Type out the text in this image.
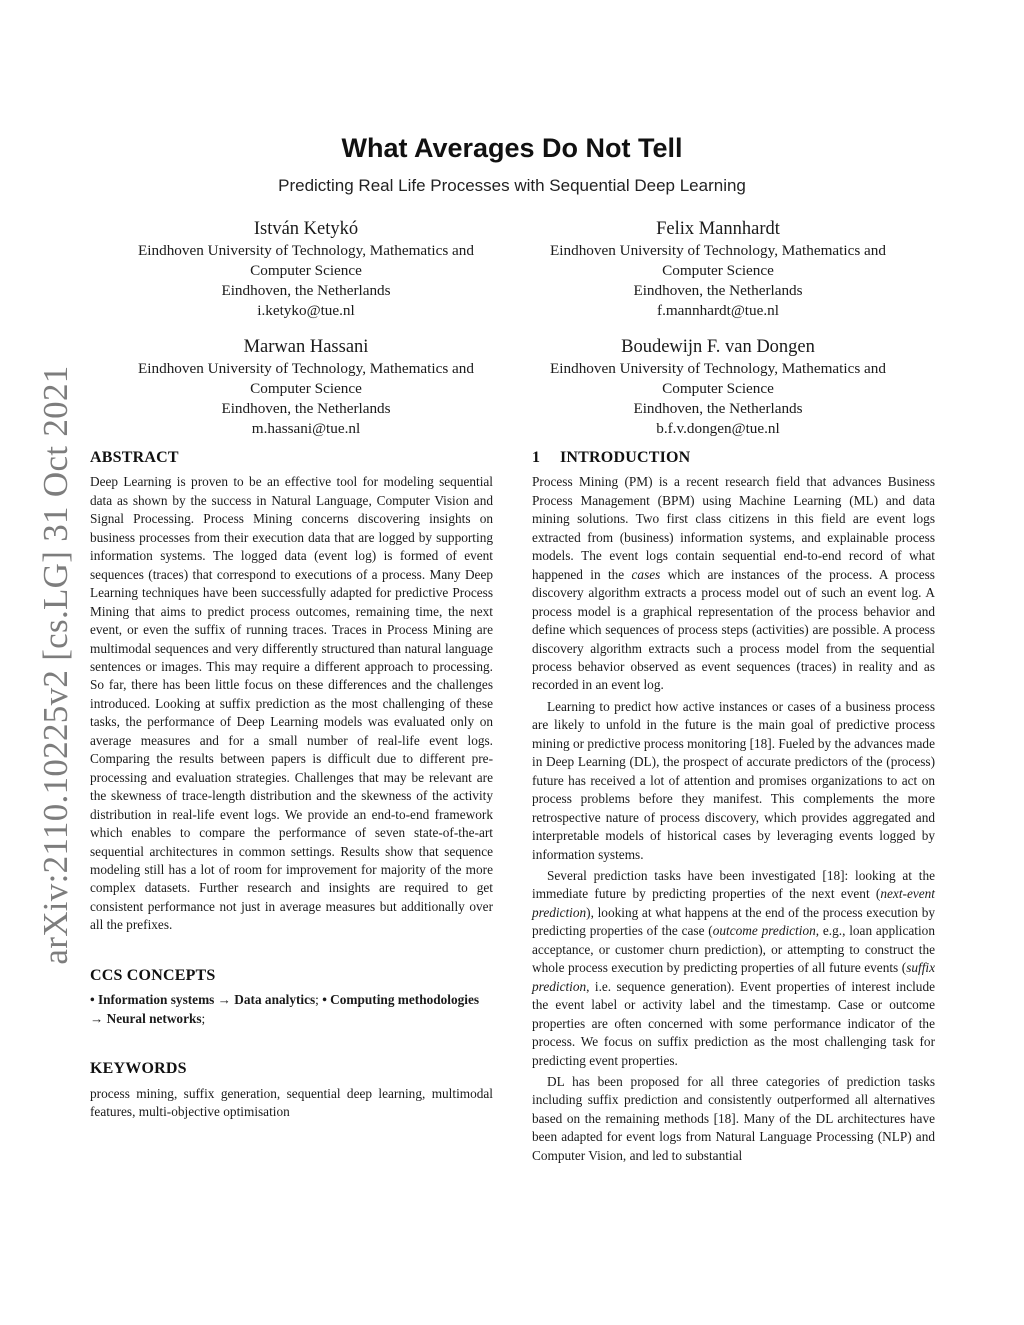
arXiv:2110.10225v2 [cs.LG] 31 Oct 2021
What Averages Do Not Tell
Predicting Real Life Processes with Sequential Deep Learning
István Ketykó
Eindhoven University of Technology, Mathematics and
Computer Science
Eindhoven, the Netherlands
i.ketyko@tue.nl
Felix Mannhardt
Eindhoven University of Technology, Mathematics and
Computer Science
Eindhoven, the Netherlands
f.mannhardt@tue.nl
Marwan Hassani
Eindhoven University of Technology, Mathematics and
Computer Science
Eindhoven, the Netherlands
m.hassani@tue.nl
Boudewijn F. van Dongen
Eindhoven University of Technology, Mathematics and
Computer Science
Eindhoven, the Netherlands
b.f.v.dongen@tue.nl
ABSTRACT

Deep Learning is proven to be an effective tool for modeling sequential data as shown by the success in Natural Language, Computer Vision and Signal Processing. Process Mining concerns discovering insights on business processes from their execution data that are logged by supporting information systems. The logged data (event log) is formed of event sequences (traces) that correspond to executions of a process. Many Deep Learning techniques have been successfully adapted for predictive Process Mining that aims to predict process outcomes, remaining time, the next event, or even the suffix of running traces. Traces in Process Mining are multimodal sequences and very differently structured than natural language sentences or images. This may require a different approach to processing. So far, there has been little focus on these differences and the challenges introduced. Looking at suffix prediction as the most challenging of these tasks, the performance of Deep Learning models was evaluated only on average measures and for a small number of real-life event logs. Comparing the results between papers is difficult due to different pre-processing and evaluation strategies. Challenges that may be relevant are the skewness of trace-length distribution and the skewness of the activity distribution in real-life event logs. We provide an end-to-end framework which enables to compare the performance of seven state-of-the-art sequential architectures in common settings. Results show that sequence modeling still has a lot of room for improvement for majority of the more complex datasets. Further research and insights are required to get consistent performance not just in average measures but additionally over all the prefixes.

CCS CONCEPTS

• Information systems → Data analytics; • Computing methodologies → Neural networks;

KEYWORDS

process mining, suffix generation, sequential deep learning, multimodal features, multi-objective optimisation

1 INTRODUCTION

Process Mining (PM) is a recent research field that advances Business Process Management (BPM) using Machine Learning (ML) and data mining solutions. Two first class citizens in this field are event logs extracted from (business) information systems, and explainable process models. The event logs contain sequential end-to-end record of what happened in the cases which are instances of the process. A process discovery algorithm extracts a process model out of such an event log. A process model is a graphical representation of the process behavior and define which sequences of process steps (activities) are possible. A process discovery algorithm extracts such a process model from the sequential process behavior observed as event sequences (traces) in reality and as recorded in an event log.

Learning to predict how active instances or cases of a business process are likely to unfold in the future is the main goal of predictive process mining or predictive process monitoring [18]. Fueled by the advances made in Deep Learning (DL), the prospect of accurate predictors of the (process) future has received a lot of attention and promises organizations to act on process problems before they manifest. This complements the more retrospective nature of process discovery, which provides aggregated and interpretable models of historical cases by leveraging events logged by information systems.

Several prediction tasks have been investigated [18]: looking at the immediate future by predicting properties of the next event (next-event prediction), looking at what happens at the end of the process execution by predicting properties of the case (outcome prediction, e.g., loan application acceptance, or customer churn prediction), or attempting to construct the whole process execution by predicting properties of all future events (suffix prediction, i.e. sequence generation). Event properties of interest include the event label or activity label and the timestamp. Case or outcome properties are often concerned with some performance indicator of the process. We focus on suffix prediction as the most challenging task for predicting event properties.

DL has been proposed for all three categories of prediction tasks including suffix prediction and consistently outperformed all alternatives based on the remaining methods [18]. Many of the DL architectures have been adapted for event logs from Natural Language Processing (NLP) and Computer Vision, and led to substantial
